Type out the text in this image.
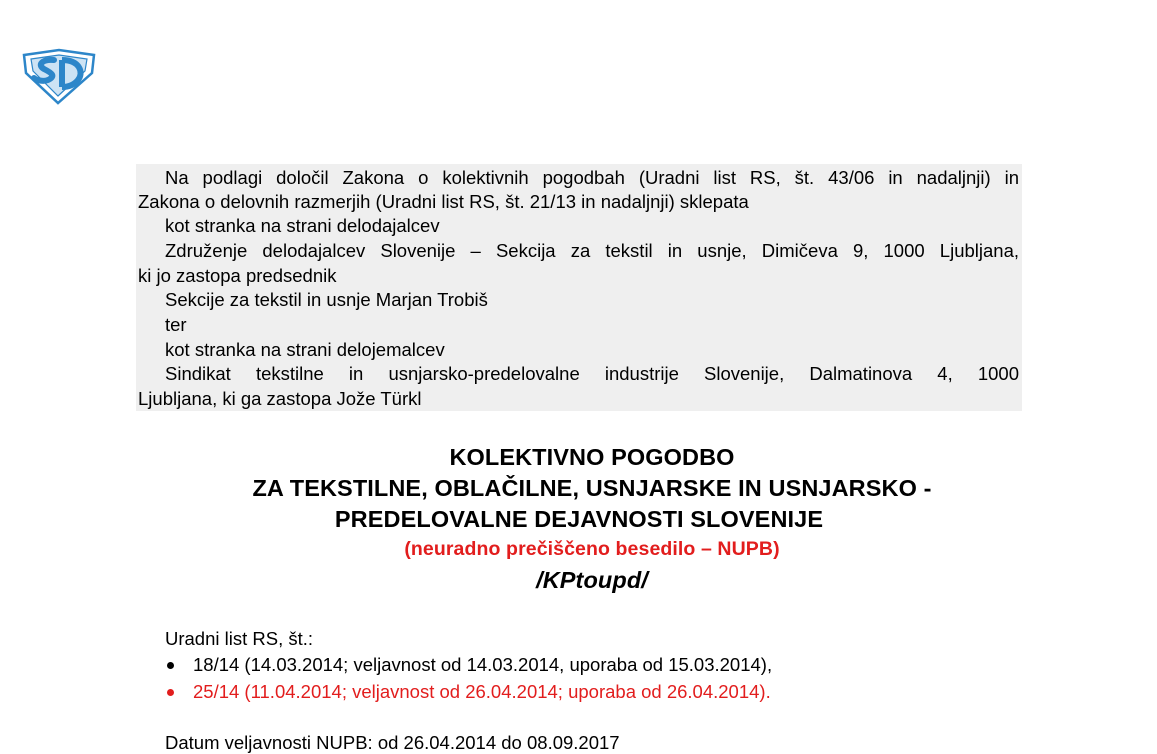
Na podlagi določil Zakona o kolektivnih pogodbah (Uradni list RS, št. 43/06 in nadaljnji) in
Zakona o delovnih razmerjih (Uradni list RS, št. 21/13 in nadaljnji) sklepata
kot stranka na strani delodajalcev
Združenje delodajalcev Slovenije – Sekcija za tekstil in usnje, Dimičeva 9, 1000 Ljubljana,
ki jo zastopa predsednik
Sekcije za tekstil in usnje Marjan Trobiš
ter
kot stranka na strani delojemalcev
Sindikat tekstilne in usnjarsko-predelovalne industrije Slovenije, Dalmatinova 4, 1000
Ljubljana, ki ga zastopa Jože Türkl
KOLEKTIVNO POGODBO
ZA TEKSTILNE, OBLAČILNE, USNJARSKE IN USNJARSKO -
PREDELOVALNE DEJAVNOSTI SLOVENIJE
(neuradno prečiščeno besedilo – NUPB)
/KPtoupd/
Uradni list RS, št.:
18/14 (14.03.2014; veljavnost od 14.03.2014, uporaba od 15.03.2014),
25/14 (11.04.2014; veljavnost od 26.04.2014; uporaba od 26.04.2014).
Datum veljavnosti NUPB: od 26.04.2014 do 08.09.2017
